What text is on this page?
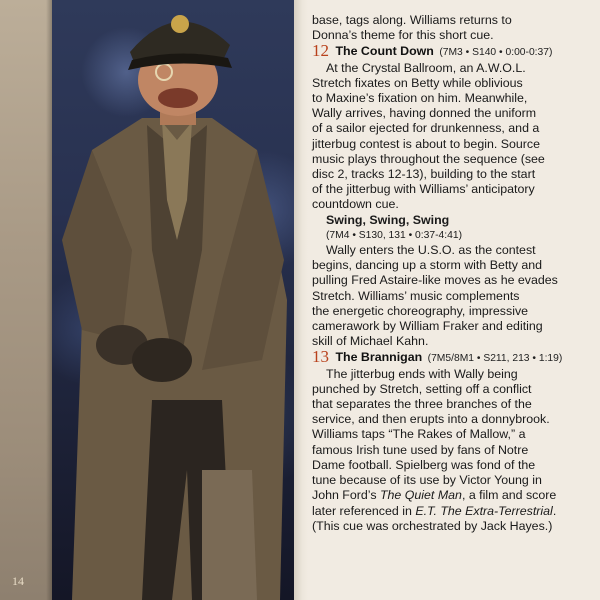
14

base, tags along. Williams returns to

Donna’s theme for this short cue.

12 The Count Down (7M3 • S140 • 0:00-0:37)

At the Crystal Ballroom, an A.W.O.L.

Stretch fixates on Betty while oblivious

to Maxine’s fixation on him. Meanwhile,

Wally arrives, having donned the uniform

of a sailor ejected for drunkenness, and a

jitterbug contest is about to begin. Source

music plays throughout the sequence (see

disc 2, tracks 12-13), building to the start

of the jitterbug with Williams’ anticipatory

countdown cue.

Swing, Swing, Swing

(7M4 • S130, 131 • 0:37-4:41)

Wally enters the U.S.O. as the contest

begins, dancing up a storm with Betty and

pulling Fred Astaire-like moves as he evades

Stretch. Williams’ music complements

the energetic choreography, impressive

camerawork by William Fraker and editing

skill of Michael Kahn.

13 The Brannigan (7M5/8M1 • S211, 213 • 1:19)

The jitterbug ends with Wally being

punched by Stretch, setting off a conflict

that separates the three branches of the

service, and then erupts into a donnybrook.

Williams taps “The Rakes of Mallow,” a

famous Irish tune used by fans of Notre

Dame football. Spielberg was fond of the

tune because of its use by Victor Young in

John Ford’s The Quiet Man, a film and score

later referenced in E.T. The Extra-Terrestrial.

(This cue was orchestrated by Jack Hayes.)
